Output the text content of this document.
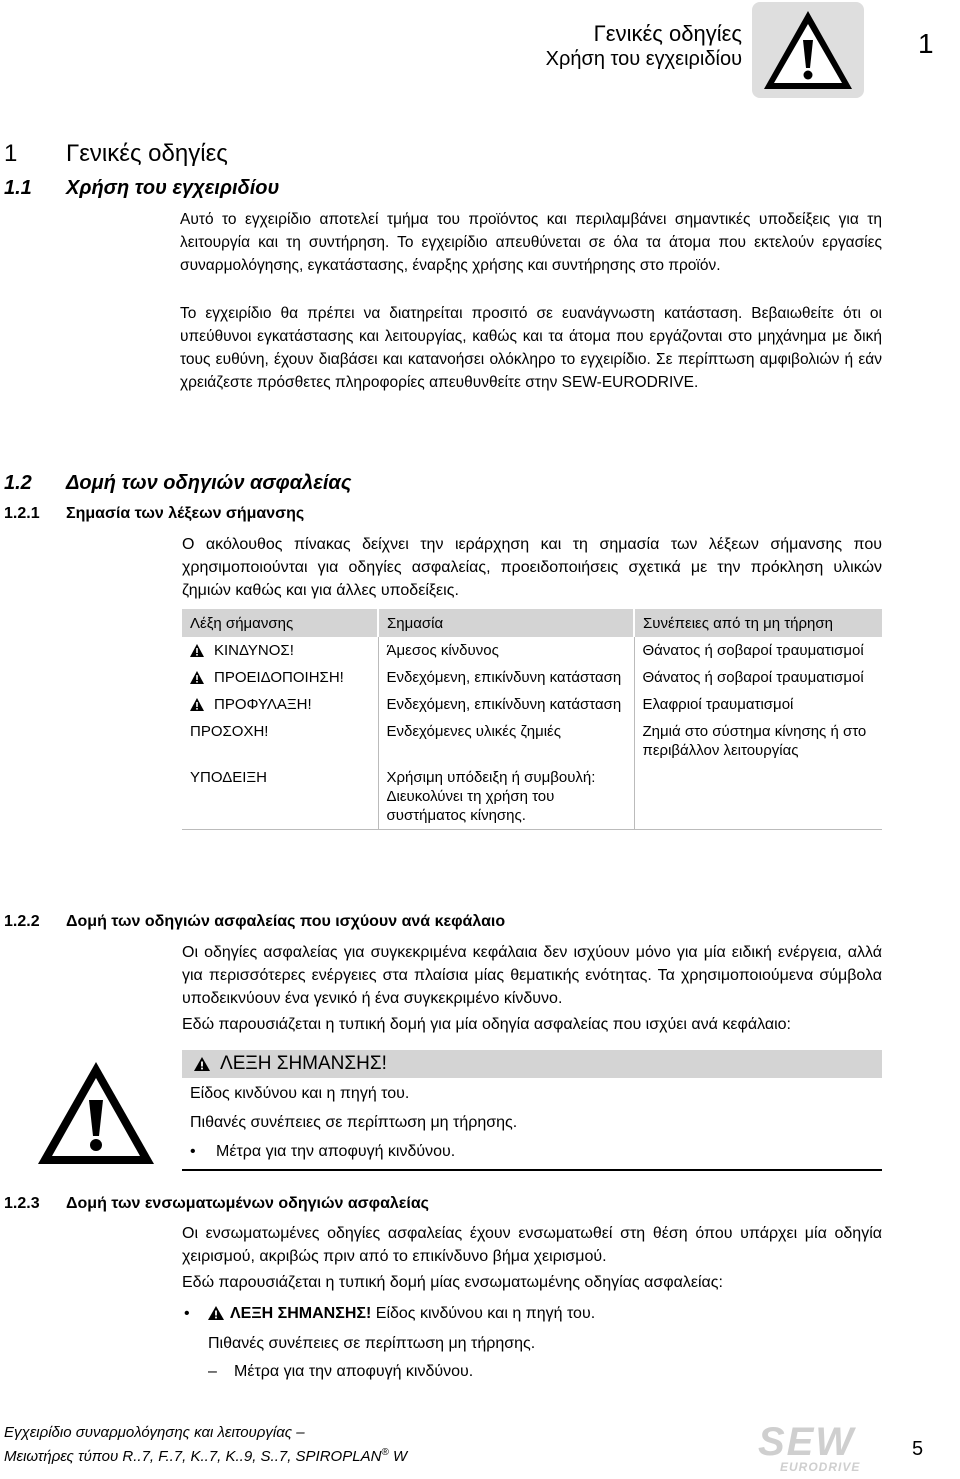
Γενικές οδηγίες
Χρήση του εγχειριδίου	1
1 Γενικές οδηγίες
1.1 Χρήση του εγχειριδίου
Αυτό το εγχειρίδιο αποτελεί τμήμα του προϊόντος και περιλαμβάνει σημαντικές υποδείξεις για τη λειτουργία και τη συντήρηση. Το εγχειρίδιο απευθύνεται σε όλα τα άτομα που εκτελούν εργασίες συναρμολόγησης, εγκατάστασης, έναρξης χρήσης και συντήρησης στο προϊόν.
Το εγχειρίδιο θα πρέπει να διατηρείται προσιτό σε ευανάγνωστη κατάσταση. Βεβαιωθείτε ότι οι υπεύθυνοι εγκατάστασης και λειτουργίας, καθώς και τα άτομα που εργάζονται στο μηχάνημα με δική τους ευθύνη, έχουν διαβάσει και κατανοήσει ολόκληρο το εγχειρίδιο. Σε περίπτωση αμφιβολιών ή εάν χρειάζεστε πρόσθετες πληροφορίες απευθυνθείτε στην SEW-EURODRIVE.
1.2 Δομή των οδηγιών ασφαλείας
1.2.1 Σημασία των λέξεων σήμανσης
Ο ακόλουθος πίνακας δείχνει την ιεράρχηση και τη σημασία των λέξεων σήμανσης που χρησιμοποιούνται για οδηγίες ασφαλείας, προειδοποιήσεις σχετικά με την πρόκληση υλικών ζημιών καθώς και για άλλες υποδείξεις.
Λέξη σήμανσης	Σημασία	Συνέπειες από τη μη τήρηση
ΚΙΝΔΥΝΟΣ!	Άμεσος κίνδυνος	Θάνατος ή σοβαροί τραυματισμοί
ΠΡΟΕΙΔΟΠΟΙΗΣΗ!	Ενδεχόμενη, επικίνδυνη κατάσταση	Θάνατος ή σοβαροί τραυματισμοί
ΠΡΟΦΥΛΑΞΗ!	Ενδεχόμενη, επικίνδυνη κατάσταση	Ελαφριοί τραυματισμοί
ΠΡΟΣΟΧΗ!	Ενδεχόμενες υλικές ζημιές	Ζημιά στο σύστημα κίνησης ή στο περιβάλλον λειτουργίας
ΥΠΟΔΕΙΞΗ	Χρήσιμη υπόδειξη ή συμβουλή: Διευκολύνει τη χρήση του συστήματος κίνησης.	
1.2.2 Δομή των οδηγιών ασφαλείας που ισχύουν ανά κεφάλαιο
Οι οδηγίες ασφαλείας για συγκεκριμένα κεφάλαια δεν ισχύουν μόνο για μία ειδική ενέργεια, αλλά για περισσότερες ενέργειες στα πλαίσια μίας θεματικής ενότητας. Τα χρησιμοποιούμενα σύμβολα υποδεικνύουν ένα γενικό ή ένα συγκεκριμένο κίνδυνο.
Εδώ παρουσιάζεται η τυπική δομή για μία οδηγία ασφαλείας που ισχύει ανά κεφάλαιο:
ΛΕΞΗ ΣΗΜΑΝΣΗΣ!
Είδος κινδύνου και η πηγή του.
Πιθανές συνέπειες σε περίπτωση μη τήρησης.
• Μέτρα για την αποφυγή κινδύνου.
1.2.3 Δομή των ενσωματωμένων οδηγιών ασφαλείας
Οι ενσωματωμένες οδηγίες ασφαλείας έχουν ενσωματωθεί στη θέση όπου υπάρχει μία οδηγία χειρισμού, ακριβώς πριν από το επικίνδυνο βήμα χειρισμού.
Εδώ παρουσιάζεται η τυπική δομή μίας ενσωματωμένης οδηγίας ασφαλείας:
•	ΛΕΞΗ ΣΗΜΑΝΣΗΣ! Είδος κινδύνου και η πηγή του.
Πιθανές συνέπειες σε περίπτωση μη τήρησης.
– Μέτρα για την αποφυγή κινδύνου.
Εγχειρίδιο συναρμολόγησης και λειτουργίας –
Μειωτήρες τύπου R..7, F..7, K..7, K..9, S..7, SPIROPLAN® W	SEW
EURODRIVE
5
